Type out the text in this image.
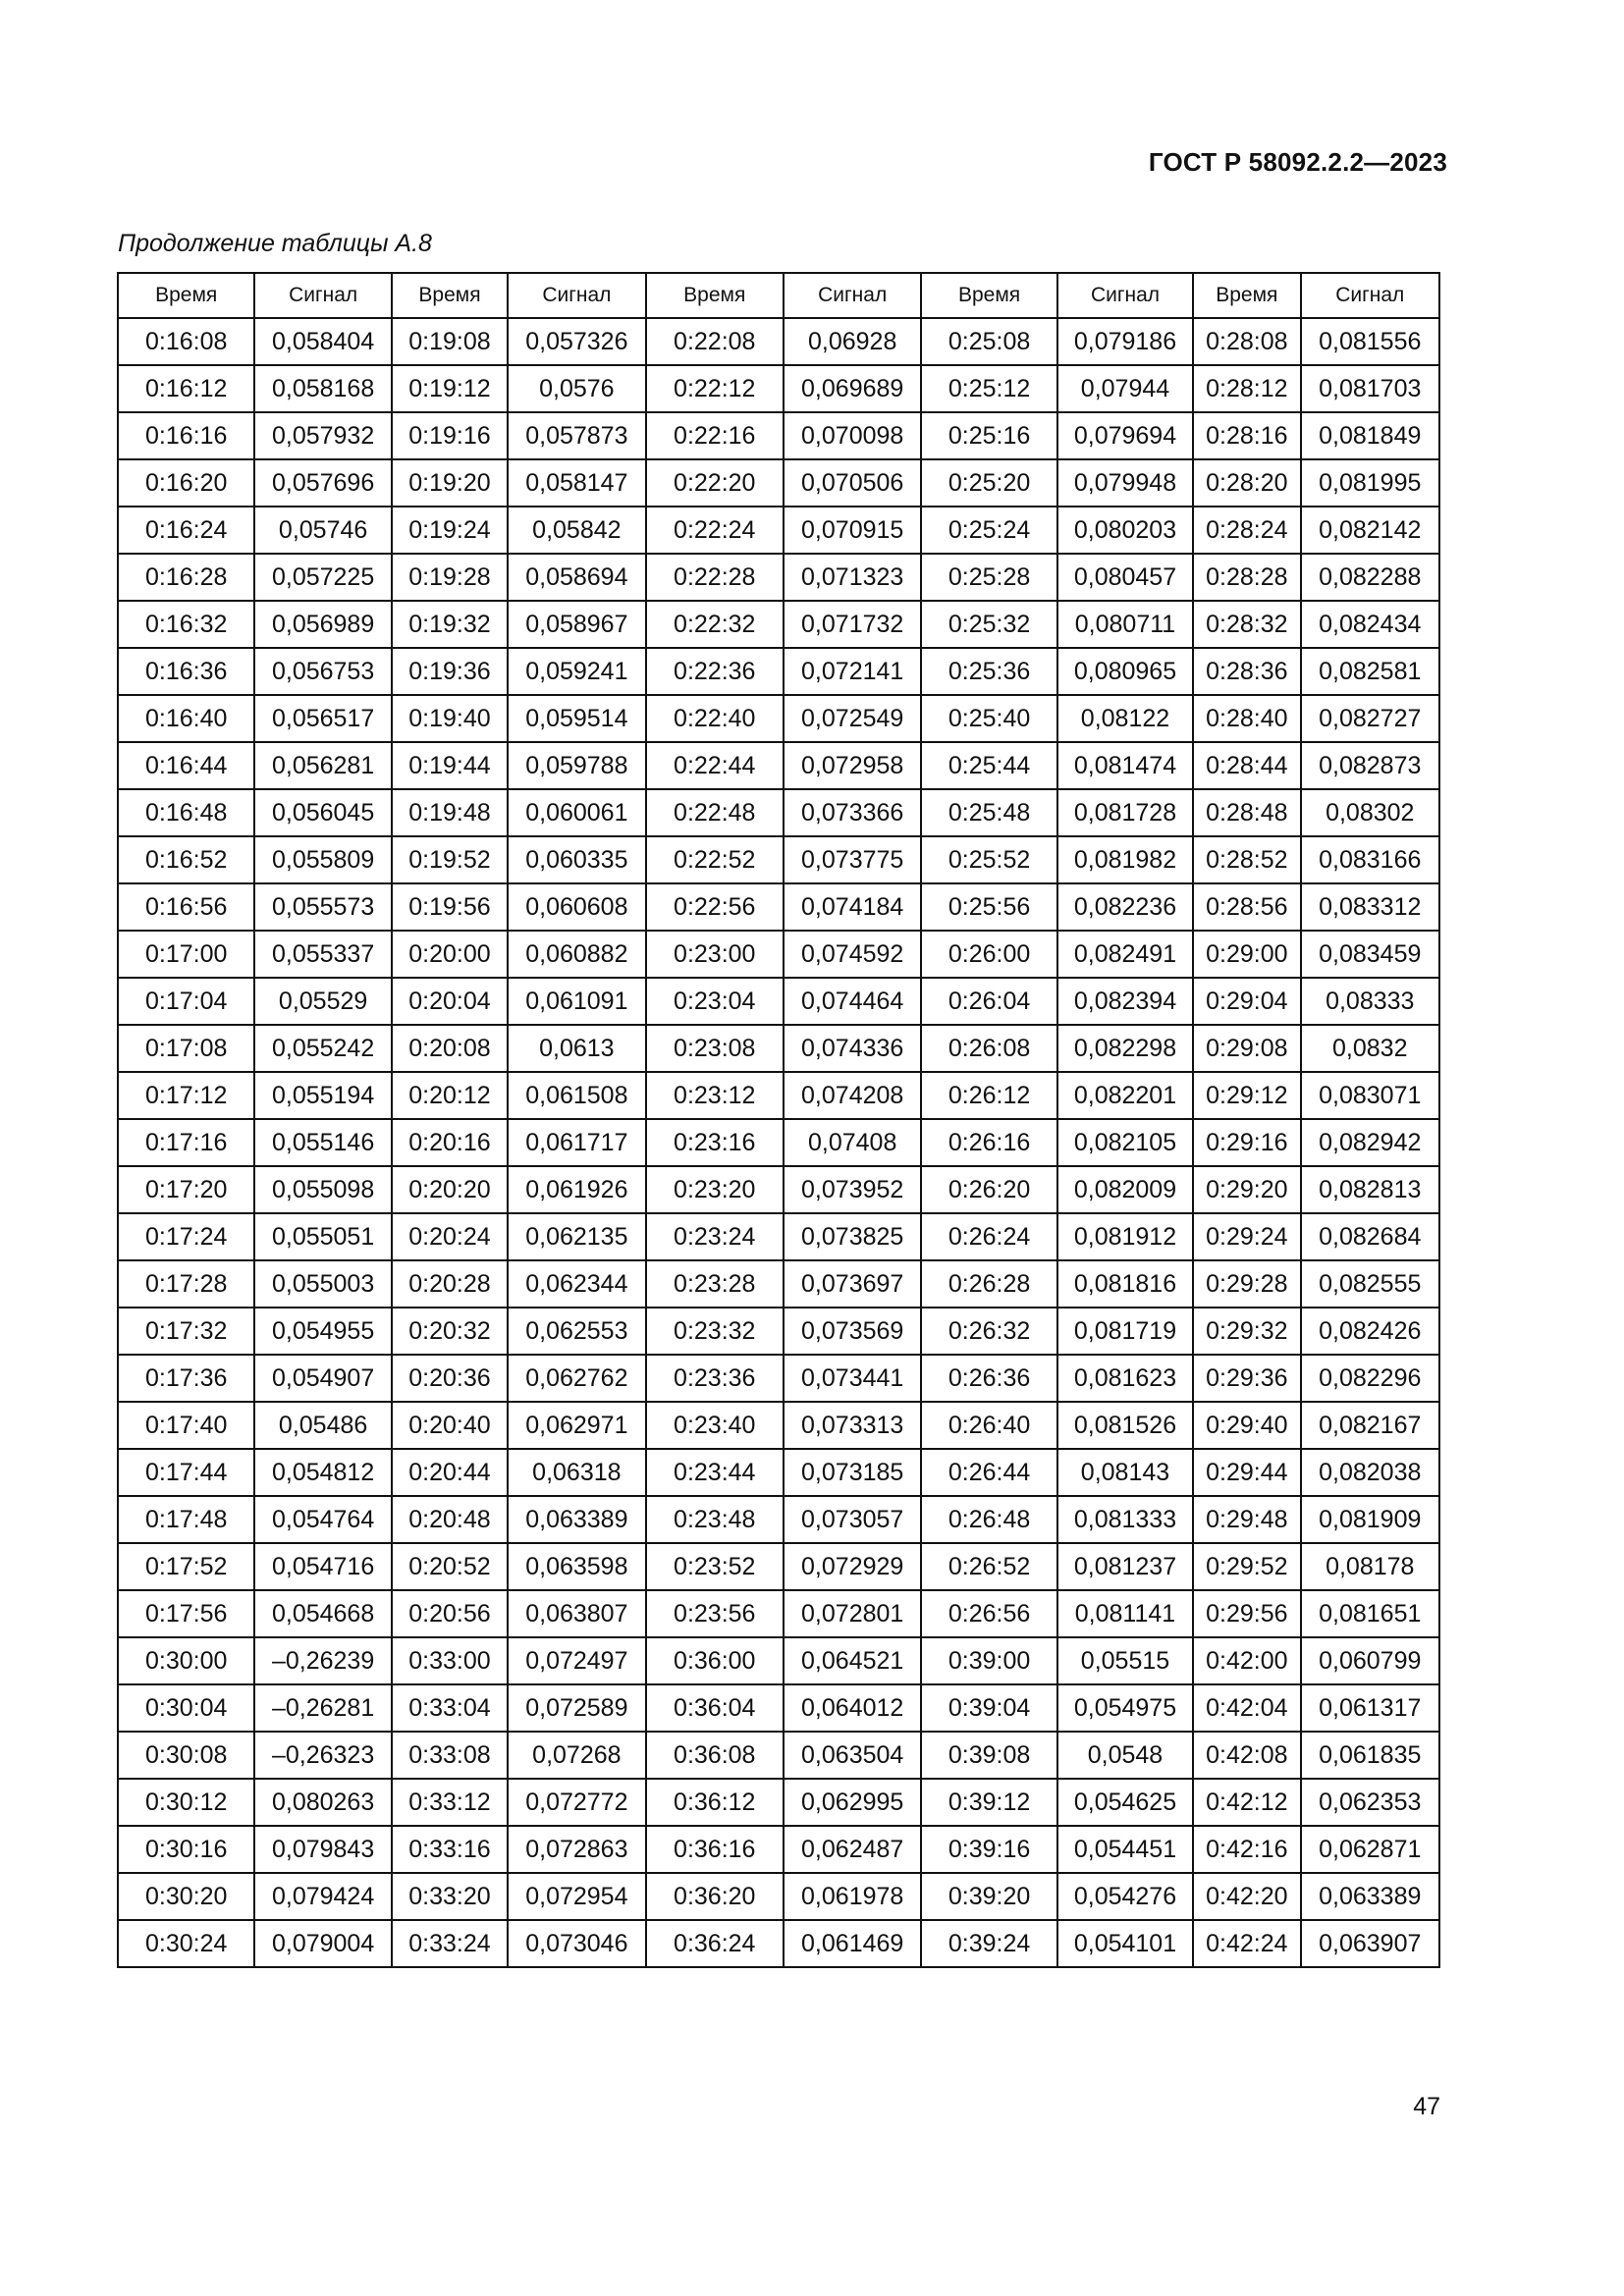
ГОСТ Р 58092.2.2—2023
Продолжение таблицы А.8
Время	Сигнал	Время	Сигнал	Время	Сигнал	Время	Сигнал	Время	Сигнал
0:16:08	0,058404	0:19:08	0,057326	0:22:08	0,06928	0:25:08	0,079186	0:28:08	0,081556
0:16:12	0,058168	0:19:12	0,0576	0:22:12	0,069689	0:25:12	0,07944	0:28:12	0,081703
0:16:16	0,057932	0:19:16	0,057873	0:22:16	0,070098	0:25:16	0,079694	0:28:16	0,081849
0:16:20	0,057696	0:19:20	0,058147	0:22:20	0,070506	0:25:20	0,079948	0:28:20	0,081995
0:16:24	0,05746	0:19:24	0,05842	0:22:24	0,070915	0:25:24	0,080203	0:28:24	0,082142
0:16:28	0,057225	0:19:28	0,058694	0:22:28	0,071323	0:25:28	0,080457	0:28:28	0,082288
0:16:32	0,056989	0:19:32	0,058967	0:22:32	0,071732	0:25:32	0,080711	0:28:32	0,082434
0:16:36	0,056753	0:19:36	0,059241	0:22:36	0,072141	0:25:36	0,080965	0:28:36	0,082581
0:16:40	0,056517	0:19:40	0,059514	0:22:40	0,072549	0:25:40	0,08122	0:28:40	0,082727
0:16:44	0,056281	0:19:44	0,059788	0:22:44	0,072958	0:25:44	0,081474	0:28:44	0,082873
0:16:48	0,056045	0:19:48	0,060061	0:22:48	0,073366	0:25:48	0,081728	0:28:48	0,08302
0:16:52	0,055809	0:19:52	0,060335	0:22:52	0,073775	0:25:52	0,081982	0:28:52	0,083166
0:16:56	0,055573	0:19:56	0,060608	0:22:56	0,074184	0:25:56	0,082236	0:28:56	0,083312
0:17:00	0,055337	0:20:00	0,060882	0:23:00	0,074592	0:26:00	0,082491	0:29:00	0,083459
0:17:04	0,05529	0:20:04	0,061091	0:23:04	0,074464	0:26:04	0,082394	0:29:04	0,08333
0:17:08	0,055242	0:20:08	0,0613	0:23:08	0,074336	0:26:08	0,082298	0:29:08	0,0832
0:17:12	0,055194	0:20:12	0,061508	0:23:12	0,074208	0:26:12	0,082201	0:29:12	0,083071
0:17:16	0,055146	0:20:16	0,061717	0:23:16	0,07408	0:26:16	0,082105	0:29:16	0,082942
0:17:20	0,055098	0:20:20	0,061926	0:23:20	0,073952	0:26:20	0,082009	0:29:20	0,082813
0:17:24	0,055051	0:20:24	0,062135	0:23:24	0,073825	0:26:24	0,081912	0:29:24	0,082684
0:17:28	0,055003	0:20:28	0,062344	0:23:28	0,073697	0:26:28	0,081816	0:29:28	0,082555
0:17:32	0,054955	0:20:32	0,062553	0:23:32	0,073569	0:26:32	0,081719	0:29:32	0,082426
0:17:36	0,054907	0:20:36	0,062762	0:23:36	0,073441	0:26:36	0,081623	0:29:36	0,082296
0:17:40	0,05486	0:20:40	0,062971	0:23:40	0,073313	0:26:40	0,081526	0:29:40	0,082167
0:17:44	0,054812	0:20:44	0,06318	0:23:44	0,073185	0:26:44	0,08143	0:29:44	0,082038
0:17:48	0,054764	0:20:48	0,063389	0:23:48	0,073057	0:26:48	0,081333	0:29:48	0,081909
0:17:52	0,054716	0:20:52	0,063598	0:23:52	0,072929	0:26:52	0,081237	0:29:52	0,08178
0:17:56	0,054668	0:20:56	0,063807	0:23:56	0,072801	0:26:56	0,081141	0:29:56	0,081651
0:30:00	–0,26239	0:33:00	0,072497	0:36:00	0,064521	0:39:00	0,05515	0:42:00	0,060799
0:30:04	–0,26281	0:33:04	0,072589	0:36:04	0,064012	0:39:04	0,054975	0:42:04	0,061317
0:30:08	–0,26323	0:33:08	0,07268	0:36:08	0,063504	0:39:08	0,0548	0:42:08	0,061835
0:30:12	0,080263	0:33:12	0,072772	0:36:12	0,062995	0:39:12	0,054625	0:42:12	0,062353
0:30:16	0,079843	0:33:16	0,072863	0:36:16	0,062487	0:39:16	0,054451	0:42:16	0,062871
0:30:20	0,079424	0:33:20	0,072954	0:36:20	0,061978	0:39:20	0,054276	0:42:20	0,063389
0:30:24	0,079004	0:33:24	0,073046	0:36:24	0,061469	0:39:24	0,054101	0:42:24	0,063907
47
